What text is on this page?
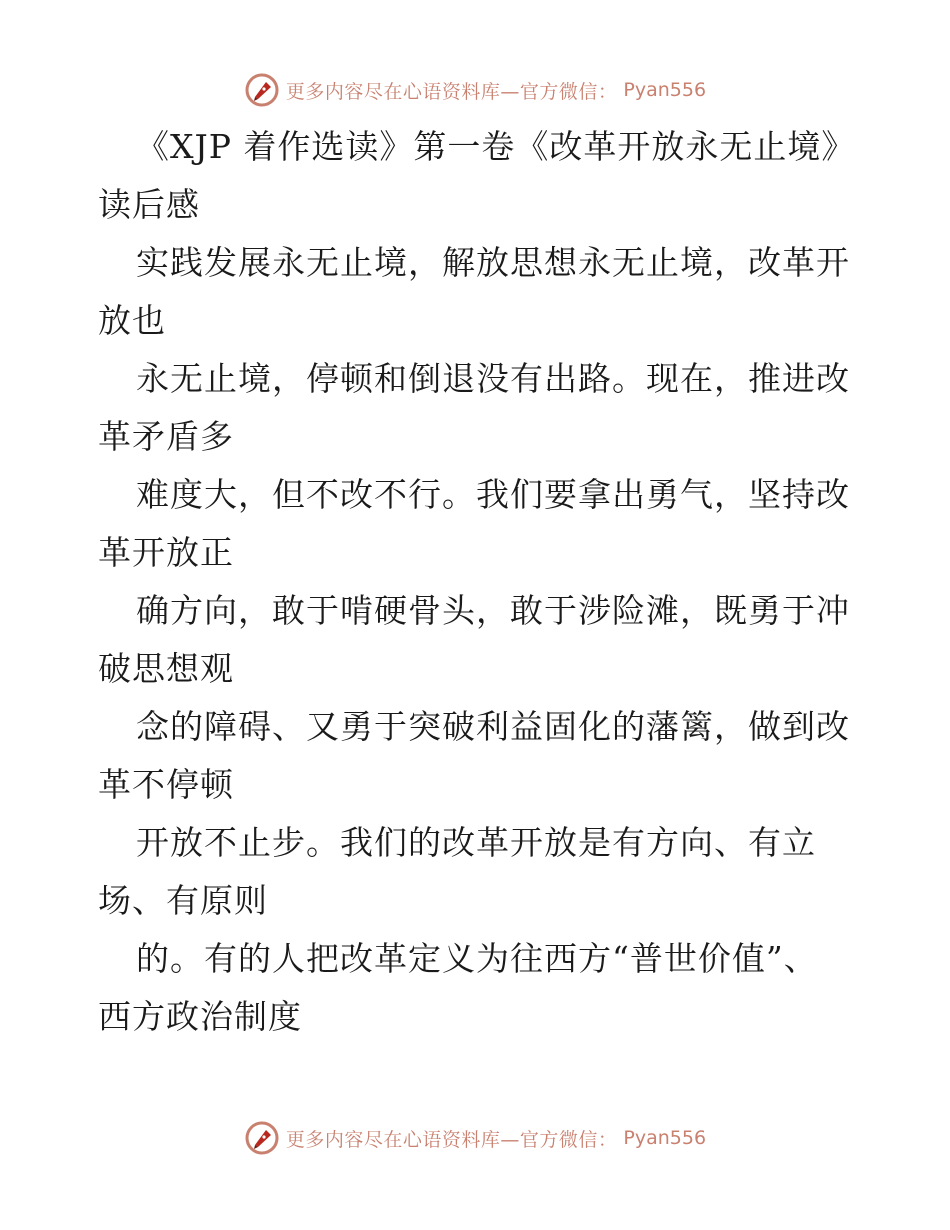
更多内容尽在心语资料库—官方微信： Pyan556

《XJP 着作选读》第一卷《改革开放永无止境》

读后感

实践发展永无止境，解放思想永无止境，改革开

放也

永无止境，停顿和倒退没有出路。现在，推进改

革矛盾多

难度大，但不改不行。我们要拿出勇气，坚持改

革开放正

确方向，敢于啃硬骨头，敢于涉险滩，既勇于冲

破思想观

念的障碍、又勇于突破利益固化的藩篱，做到改

革不停顿

开放不止步。我们的改革开放是有方向、有立

场、有原则

的。有的人把改革定义为往西方“普世价值”、

西方政治制度

更多内容尽在心语资料库—官方微信： Pyan556
